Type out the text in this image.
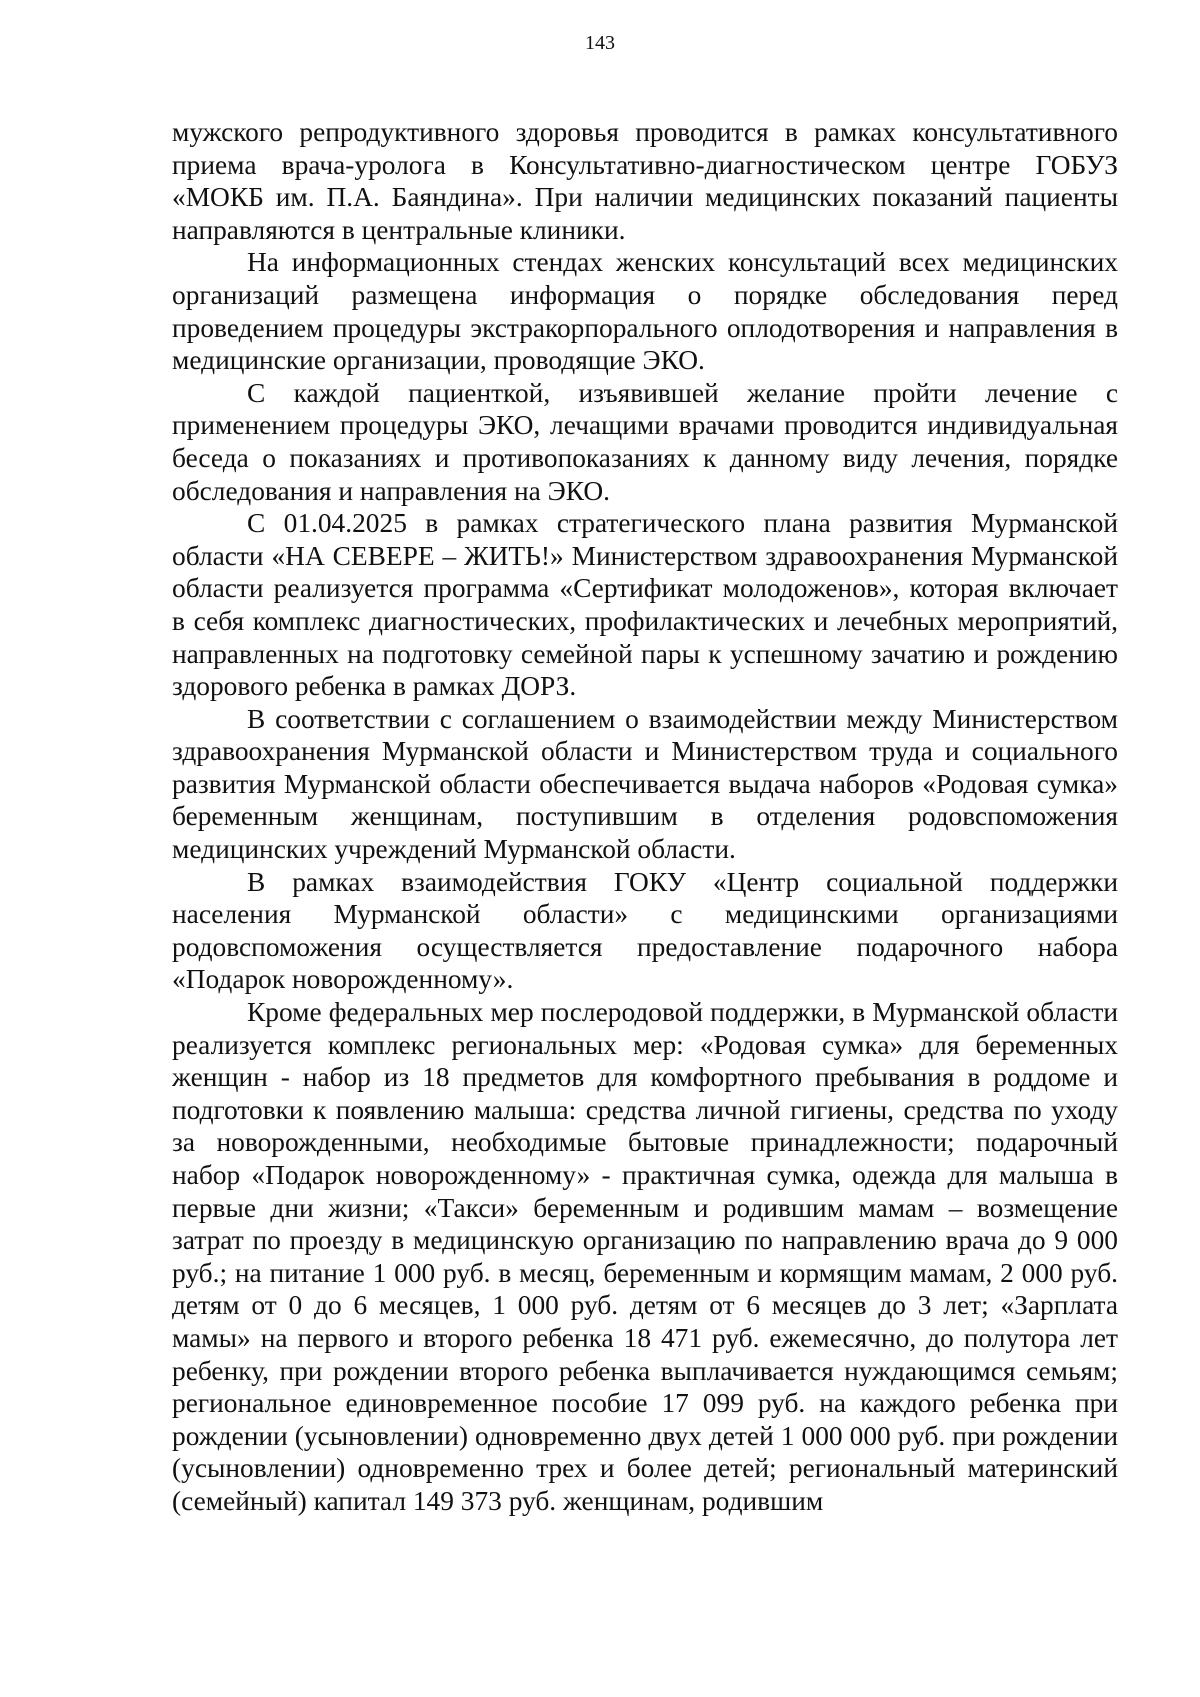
143

мужского репродуктивного здоровья проводится в рамках консультативного приема врача-уролога в Консультативно-диагностическом центре ГОБУЗ «МОКБ им. П.А. Баяндина». При наличии медицинских показаний пациенты направляются в центральные клиники.

На информационных стендах женских консультаций всех медицинских организаций размещена информация о порядке обследования перед проведением процедуры экстракорпорального оплодотворения и направления в медицинские организации, проводящие ЭКО.

С каждой пациенткой, изъявившей желание пройти лечение с применением процедуры ЭКО, лечащими врачами проводится индивидуальная беседа о показаниях и противопоказаниях к данному виду лечения, порядке обследования и направления на ЭКО.

С 01.04.2025 в рамках стратегического плана развития Мурманской области «НА СЕВЕРЕ – ЖИТЬ!» Министерством здравоохранения Мурманской области реализуется программа «Сертификат молодоженов», которая включает в себя комплекс диагностических, профилактических и лечебных мероприятий, направленных на подготовку семейной пары к успешному зачатию и рождению здорового ребенка в рамках ДОРЗ.

В соответствии с соглашением о взаимодействии между Министерством здравоохранения Мурманской области и Министерством труда и социального развития Мурманской области обеспечивается выдача наборов «Родовая сумка» беременным женщинам, поступившим в отделения родовспоможения медицинских учреждений Мурманской области.

В рамках взаимодействия ГОКУ «Центр социальной поддержки населения Мурманской области» с медицинскими организациями родовспоможения осуществляется предоставление подарочного набора «Подарок новорожденному».

Кроме федеральных мер послеродовой поддержки, в Мурманской области реализуется комплекс региональных мер: «Родовая сумка» для беременных женщин - набор из 18 предметов для комфортного пребывания в роддоме и подготовки к появлению малыша: средства личной гигиены, средства по уходу за новорожденными, необходимые бытовые принадлежности; подарочный набор «Подарок новорожденному» - практичная сумка, одежда для малыша в первые дни жизни; «Такси» беременным и родившим мамам – возмещение затрат по проезду в медицинскую организацию по направлению врача до 9 000 руб.; на питание 1 000 руб. в месяц, беременным и кормящим мамам, 2 000 руб. детям от 0 до 6 месяцев, 1 000 руб. детям от 6 месяцев до 3 лет; «Зарплата мамы» на первого и второго ребенка 18 471 руб. ежемесячно, до полутора лет ребенку, при рождении второго ребенка выплачивается нуждающимся семьям; региональное единовременное пособие 17 099 руб. на каждого ребенка при рождении (усыновлении) одновременно двух детей 1 000 000 руб. при рождении (усыновлении) одновременно трех и более детей; региональный материнский (семейный) капитал 149 373 руб. женщинам, родившим
